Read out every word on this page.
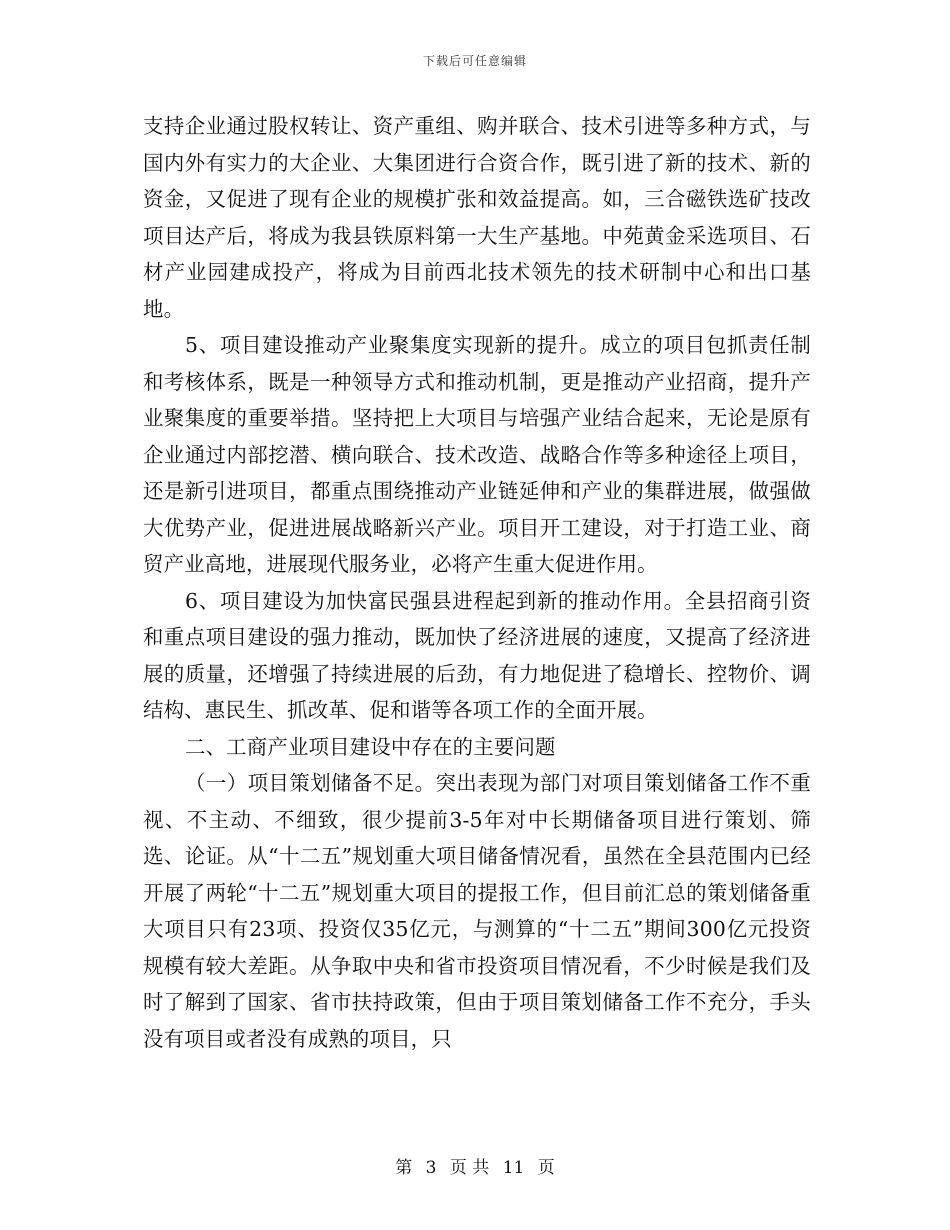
下载后可任意编辑

支持企业通过股权转让、资产重组、购并联合、技术引进等多种方式，与国内外有实力的大企业、大集团进行合资合作，既引进了新的技术、新的资金，又促进了现有企业的规模扩张和效益提高。如，三合磁铁选矿技改项目达产后，将成为我县铁原料第一大生产基地。中苑黄金采选项目、石材产业园建成投产，将成为目前西北技术领先的技术研制中心和出口基地。

5、项目建设推动产业聚集度实现新的提升。成立的项目包抓责任制和考核体系，既是一种领导方式和推动机制，更是推动产业招商，提升产业聚集度的重要举措。坚持把上大项目与培强产业结合起来，无论是原有企业通过内部挖潜、横向联合、技术改造、战略合作等多种途径上项目，还是新引进项目，都重点围绕推动产业链延伸和产业的集群进展，做强做大优势产业，促进进展战略新兴产业。项目开工建设，对于打造工业、商贸产业高地，进展现代服务业，必将产生重大促进作用。

6、项目建设为加快富民强县进程起到新的推动作用。全县招商引资和重点项目建设的强力推动，既加快了经济进展的速度，又提高了经济进展的质量，还增强了持续进展的后劲，有力地促进了稳增长、控物价、调结构、惠民生、抓改革、促和谐等各项工作的全面开展。

二、工商产业项目建设中存在的主要问题

（一）项目策划储备不足。突出表现为部门对项目策划储备工作不重视、不主动、不细致，很少提前3-5年对中长期储备项目进行策划、筛选、论证。从“十二五”规划重大项目储备情况看，虽然在全县范围内已经开展了两轮“十二五”规划重大项目的提报工作，但目前汇总的策划储备重大项目只有23项、投资仅35亿元，与测算的“十二五”期间300亿元投资规模有较大差距。从争取中央和省市投资项目情况看，不少时候是我们及时了解到了国家、省市扶持政策，但由于项目策划储备工作不充分，手头没有项目或者没有成熟的项目，只

第 3 页 共 11 页
